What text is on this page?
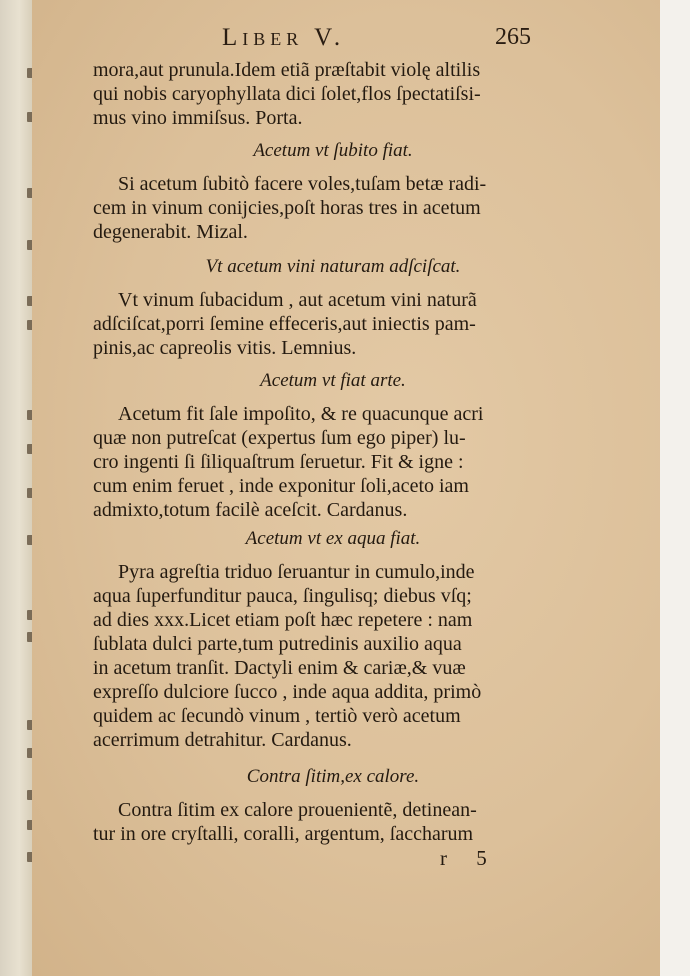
Liber V.	265
mora,aut prunula.Idem etiã præſtabit violę altilis
qui nobis caryophyllata dici ſolet,flos ſpectatiſsi-
mus vino immiſsus. Porta.
Acetum vt ſubito fiat.
Si acetum ſubitò facere voles,tuſam betæ radi-
cem in vinum conijcies,poſt horas tres in acetum
degenerabit. Mizal.
Vt acetum vini naturam adſciſcat.
Vt vinum ſubacidum , aut acetum vini naturã
adſciſcat,porri ſemine effeceris,aut iniectis pam-
pinis,ac capreolis vitis. Lemnius.
Acetum vt fiat arte.
Acetum fit ſale impoſito, & re quacunque acri
quæ non putreſcat (expertus ſum ego piper) lu-
cro ingenti ſi ſiliquaſtrum ſeruetur. Fit & igne :
cum enim feruet , inde exponitur ſoli,aceto iam
admixto,totum facilè aceſcit. Cardanus.
Acetum vt ex aqua fiat.
Pyra agreſtia triduo ſeruantur in cumulo,inde
aqua ſuperfunditur pauca, ſingulisq; diebus vſq;
ad dies xxx.Licet etiam poſt hæc repetere : nam
ſublata dulci parte,tum putredinis auxilio aqua
in acetum tranſit. Dactyli enim & cariæ,& vuæ
expreſſo dulciore ſucco , inde aqua addita, primò
quidem ac ſecundò vinum , tertiò verò acetum
acerrimum detrahitur. Cardanus.
Contra ſitim,ex calore.
Contra ſitim ex calore prouenientẽ, detinean-
tur in ore cryſtalli, coralli, argentum, ſaccharum
r 5
